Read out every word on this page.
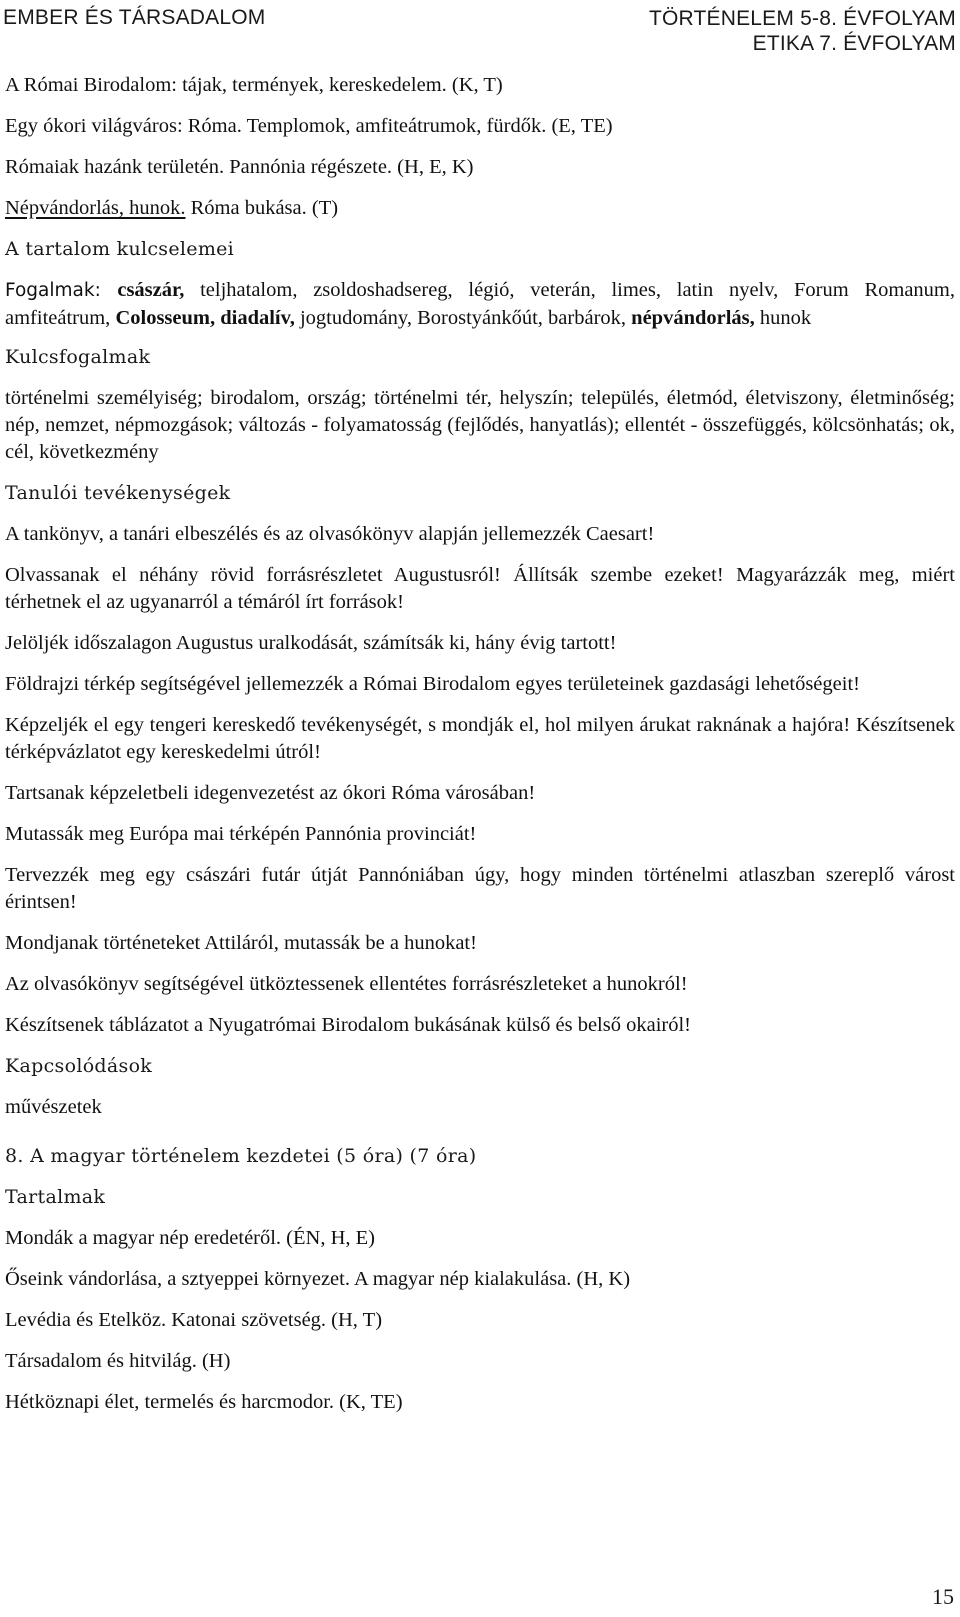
EMBER ÉS TÁRSADALOM	TÖRTÉNELEM 5-8. ÉVFOLYAM
ETIKA 7. ÉVFOLYAM
A Római Birodalom: tájak, termények, kereskedelem. (K, T)
Egy ókori világváros: Róma. Templomok, amfiteátrumok, fürdők. (E, TE)
Rómaiak hazánk területén. Pannónia régészete. (H, E, K)
Népvándorlás, hunok. Róma bukása. (T)
A tartalom kulcselemei
Fogalmak: császár, teljhatalom, zsoldoshadsereg, légió, veterán, limes, latin nyelv, Forum Romanum, amfiteátrum, Colosseum, diadalív, jogtudomány, Borostyánkőút, barbárok, népvándorlás, hunok
Kulcsfogalmak
történelmi személyiség; birodalom, ország; történelmi tér, helyszín; település, életmód, életviszony, életminőség; nép, nemzet, népmozgások; változás - folyamatosság (fejlődés, hanyatlás); ellentét - összefüggés, kölcsönhatás; ok, cél, következmény
Tanulói tevékenységek
A tankönyv, a tanári elbeszélés és az olvasókönyv alapján jellemezzék Caesart!
Olvassanak el néhány rövid forrásrészletet Augustusról! Állítsák szembe ezeket! Magyarázzák meg, miért térhetnek el az ugyanarról a témáról írt források!
Jelöljék időszalagon Augustus uralkodását, számítsák ki, hány évig tartott!
Földrajzi térkép segítségével jellemezzék a Római Birodalom egyes területeinek gazdasági lehetőségeit!
Képzeljék el egy tengeri kereskedő tevékenységét, s mondják el, hol milyen árukat raknának a hajóra! Készítsenek térképvázlatot egy kereskedelmi útról!
Tartsanak képzeletbeli idegenvezetést az ókori Róma városában!
Mutassák meg Európa mai térképén Pannónia provinciát!
Tervezzék meg egy császári futár útját Pannóniában úgy, hogy minden történelmi atlaszban szereplő várost érintsen!
Mondjanak történeteket Attiláról, mutassák be a hunokat!
Az olvasókönyv segítségével ütköztessenek ellentétes forrásrészleteket a hunokról!
Készítsenek táblázatot a Nyugatrómai Birodalom bukásának külső és belső okairól!
Kapcsolódások
művészetek
8. A magyar történelem kezdetei (5 óra) (7 óra)
Tartalmak
Mondák a magyar nép eredetéről. (ÉN, H, E)
Őseink vándorlása, a sztyeppei környezet. A magyar nép kialakulása. (H, K)
Levédia és Etelköz. Katonai szövetség. (H, T)
Társadalom és hitvilág. (H)
Hétköznapi élet, termelés és harcmodor. (K, TE)
15
